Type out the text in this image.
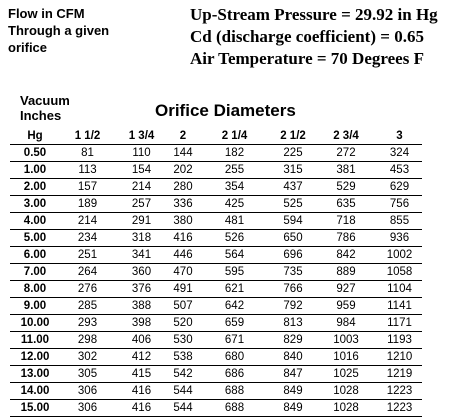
Flow in CFM
Through a given
orifice
Up-Stream Pressure = 29.92 in Hg
Cd (discharge coefficient) = 0.65
Air Temperature = 70 Degrees F
Vacuum
Inches	Orifice Diameters
Hg	1 1/2	1 3/4	2	2 1/4	2 1/2	2 3/4	3
0.50	81	110	144	182	225	272	324
1.00	113	154	202	255	315	381	453
2.00	157	214	280	354	437	529	629
3.00	189	257	336	425	525	635	756
4.00	214	291	380	481	594	718	855
5.00	234	318	416	526	650	786	936
6.00	251	341	446	564	696	842	1002
7.00	264	360	470	595	735	889	1058
8.00	276	376	491	621	766	927	1104
9.00	285	388	507	642	792	959	1141
10.00	293	398	520	659	813	984	1171
11.00	298	406	530	671	829	1003	1193
12.00	302	412	538	680	840	1016	1210
13.00	305	415	542	686	847	1025	1219
14.00	306	416	544	688	849	1028	1223
15.00	306	416	544	688	849	1028	1223
